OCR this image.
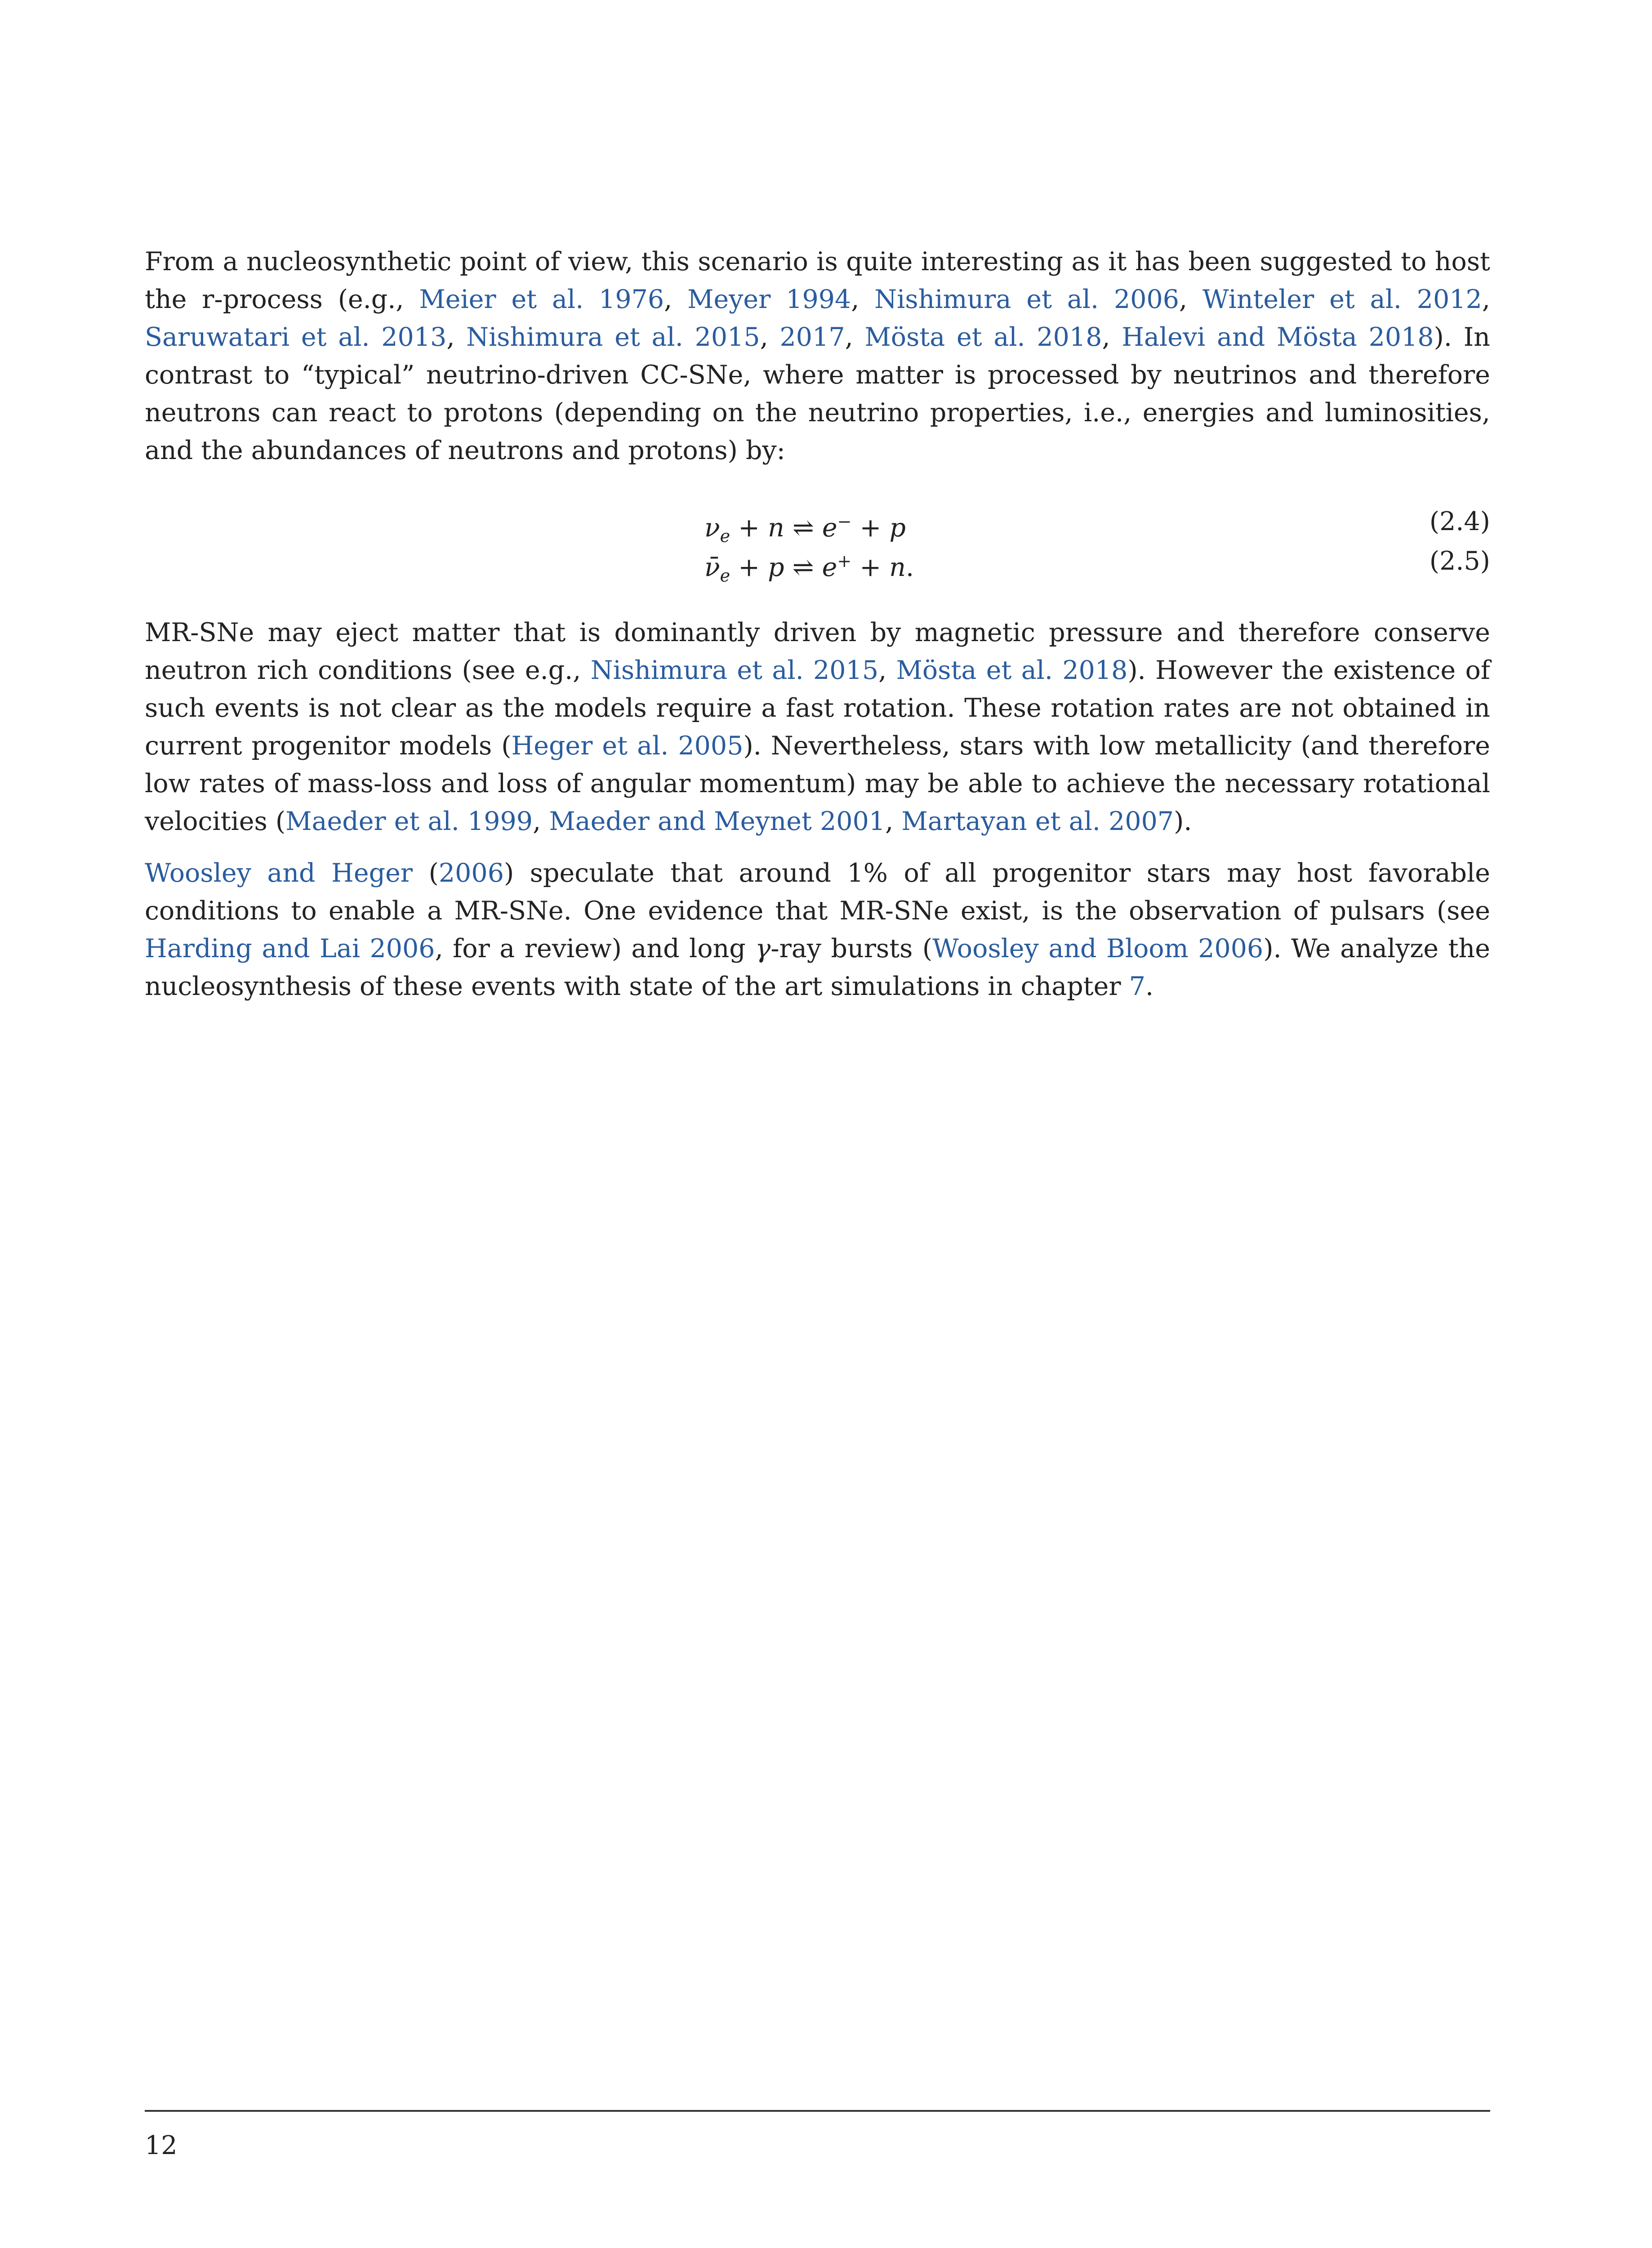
From a nucleosynthetic point of view, this scenario is quite interesting as it has been suggested to host the r-process (e.g., Meier et al. 1976, Meyer 1994, Nishimura et al. 2006, Winteler et al. 2012, Saruwatari et al. 2013, Nishimura et al. 2015, 2017, Mösta et al. 2018, Halevi and Mösta 2018). In contrast to “typical” neutrino-driven CC-SNe, where matter is processed by neutrinos and therefore neutrons can react to protons (depending on the neutrino properties, i.e., energies and luminosities, and the abundances of neutrons and protons) by:

$\nu_e + n$ ⇌ e− + p	(2.4)
$\nū_e + p$ ⇌ e+ + n.	(2.5)

MR-SNe may eject matter that is dominantly driven by magnetic pressure and therefore conserve neutron rich conditions (see e.g., Nishimura et al. 2015, Mösta et al. 2018). However the existence of such events is not clear as the models require a fast rotation. These rotation rates are not obtained in current progenitor models (Heger et al. 2005). Nevertheless, stars with low metallicity (and therefore low rates of mass-loss and loss of angular momentum) may be able to achieve the necessary rotational velocities (Maeder et al. 1999, Maeder and Meynet 2001, Martayan et al. 2007).

Woosley and Heger (2006) speculate that around 1% of all progenitor stars may host favorable conditions to enable a MR-SNe. One evidence that MR-SNe exist, is the observation of pulsars (see Harding and Lai 2006, for a review) and long γ-ray bursts (Woosley and Bloom 2006). We analyze the nucleosynthesis of these events with state of the art simulations in chapter 7.

12
